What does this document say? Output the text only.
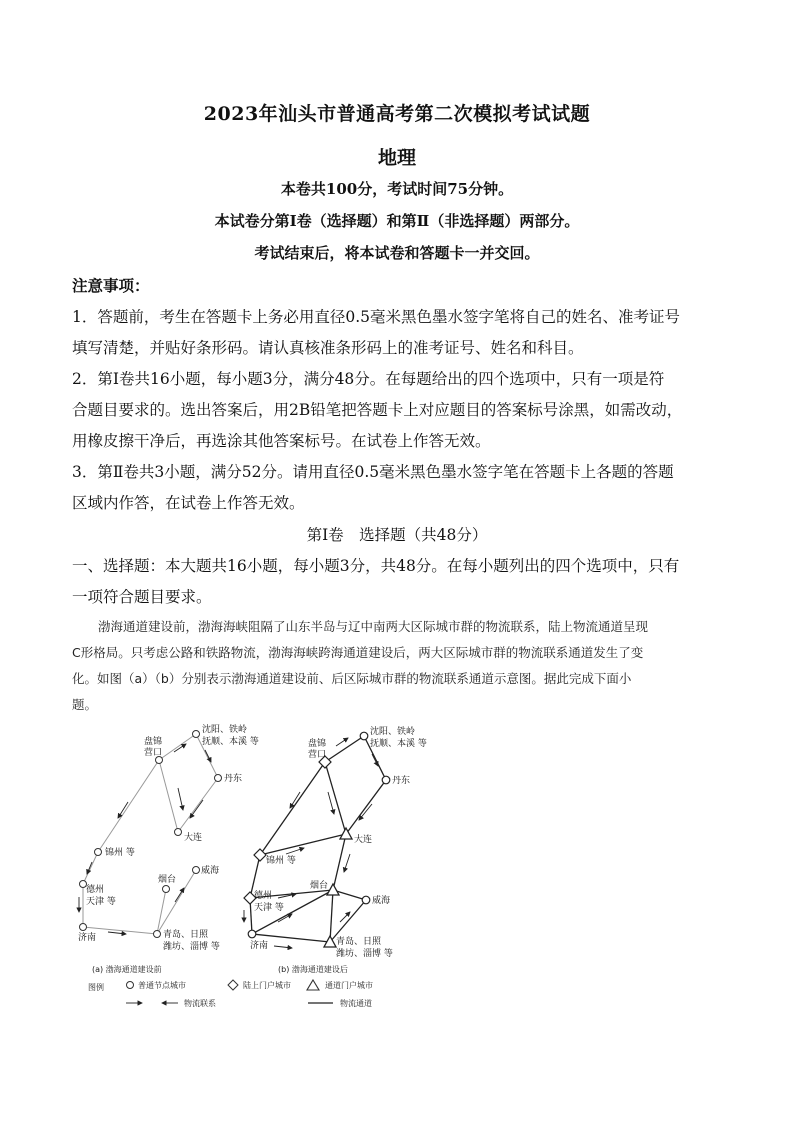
2023年汕头市普通高考第二次模拟考试试题
地理
本卷共100分，考试时间75分钟。
本试卷分第Ⅰ卷（选择题）和第Ⅱ（非选择题）两部分。
考试结束后，将本试卷和答题卡一并交回。
注意事项：
1．答题前，考生在答题卡上务必用直径0.5毫米黑色墨水签字笔将自己的姓名、准考证号
填写清楚，并贴好条形码。请认真核准条形码上的准考证号、姓名和科目。
2．第Ⅰ卷共16小题，每小题3分，满分48分。在每题给出的四个选项中，只有一项是符
合题目要求的。选出答案后，用2B铅笔把答题卡上对应题目的答案标号涂黑，如需改动，
用橡皮擦干净后，再选涂其他答案标号。在试卷上作答无效。
3．第Ⅱ卷共3小题，满分52分。请用直径0.5毫米黑色墨水签字笔在答题卡上各题的答题
区域内作答，在试卷上作答无效。
第Ⅰ卷　选择题（共48分）
一、选择题：本大题共16小题，每小题3分，共48分。在每小题列出的四个选项中，只有
一项符合题目要求。
渤海通道建设前，渤海海峡阻隔了山东半岛与辽中南两大区际城市群的物流联系，陆上物流通道呈现
C形格局。只考虑公路和铁路物流，渤海海峡跨海通道建设后，两大区际城市群的物流联系通道发生了变
化。如图（a）（b）分别表示渤海通道建设前、后区际城市群的物流联系通道示意图。据此完成下面小
题。
沈阳、铁岭
抚顺、本溪 等
盘锦
营口
丹东
大连
锦州 等
烟台
威海
德州
天津 等
济南	青岛、日照
潍坊、淄博 等
(a) 渤海通道建设前
沈阳、铁岭
抚顺、本溪 等
盘锦
营口
丹东
大连
锦州 等
烟台
威海
德州
天津 等
济南	青岛、日照
潍坊、淄博 等
(b) 渤海通道建设后
图例	普通节点城市	陆上门户城市	通道门户城市
物流联系	物流通道
